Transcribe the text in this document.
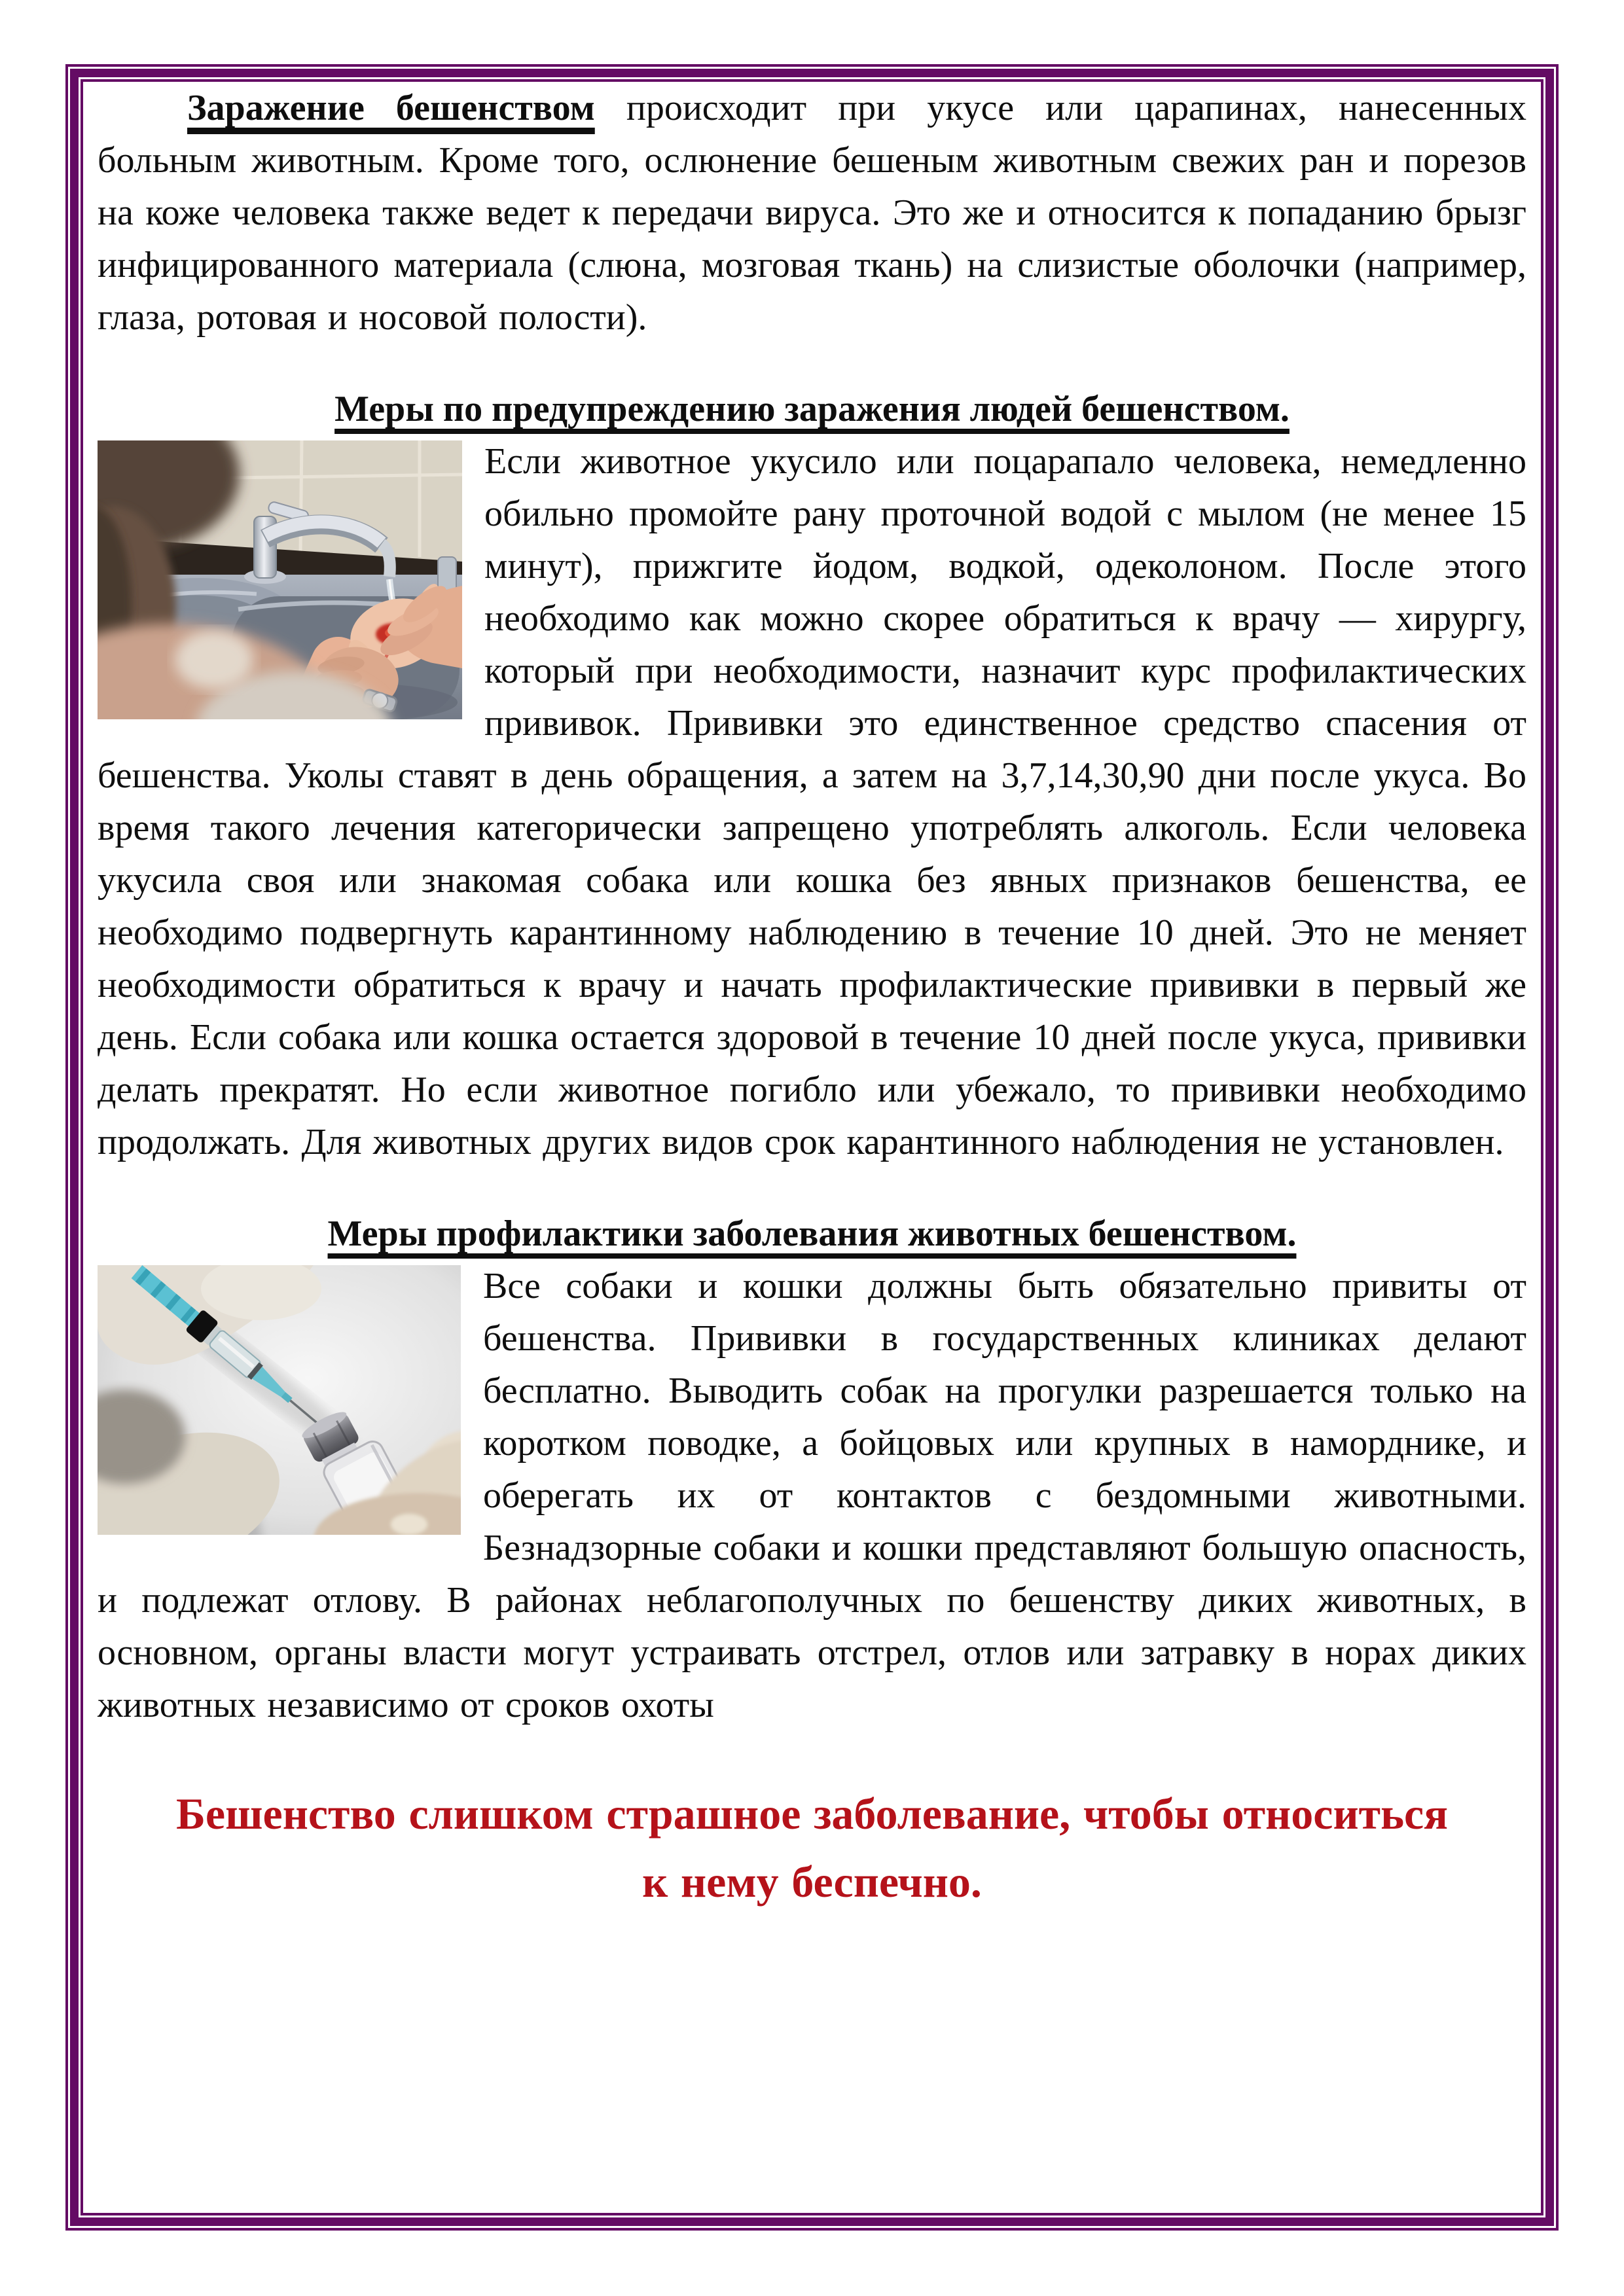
Заражение бешенством происходит при укусе или царапинах, нанесенных больным животным. Кроме того, ослюнение бешеным животным свежих ран и порезов на коже человека также ведет к передачи вируса. Это же и относится к попаданию брызг инфицированного материала (слюна, мозговая ткань) на слизистые оболочки (например, глаза, ротовая и носовой полости).

Меры по предупреждению заражения людей бешенством.

Если животное укусило или поцарапало человека, немедленно обильно промойте рану проточной водой с мылом (не менее 15 минут), прижгите йодом, водкой, одеколоном. После этого необходимо как можно скорее обратиться к врачу — хирургу, который при необходимости, назначит курс профилактических прививок. Прививки это единственное средство спасения от бешенства. Уколы ставят в день обращения, а затем на 3,7,14,30,90 дни после укуса. Во время такого лечения категорически запрещено употреблять алкоголь. Если человека укусила своя или знакомая собака или кошка без явных признаков бешенства, ее необходимо подвергнуть карантинному наблюдению в течение 10 дней. Это не меняет необходимости обратиться к врачу и начать профилактические прививки в первый же день. Если собака или кошка остается здоровой в течение 10 дней после укуса, прививки делать прекратят. Но если животное погибло или убежало, то прививки необходимо продолжать. Для животных других видов срок карантинного наблюдения не установлен.

Меры профилактики заболевания животных бешенством.

Все собаки и кошки должны быть обязательно привиты от бешенства. Прививки в государственных клиниках делают бесплатно. Выводить собак на прогулки разрешается только на коротком поводке, а бойцовых или крупных в наморднике, и оберегать их от контактов с бездомными животными. Безнадзорные собаки и кошки представляют большую опасность, и подлежат отлову. В районах неблагополучных по бешенству диких животных, в основном, органы власти могут устраивать отстрел, отлов или затравку в норах диких животных независимо от сроков охоты

Бешенство слишком страшное заболевание, чтобы относиться
к нему беспечно.
